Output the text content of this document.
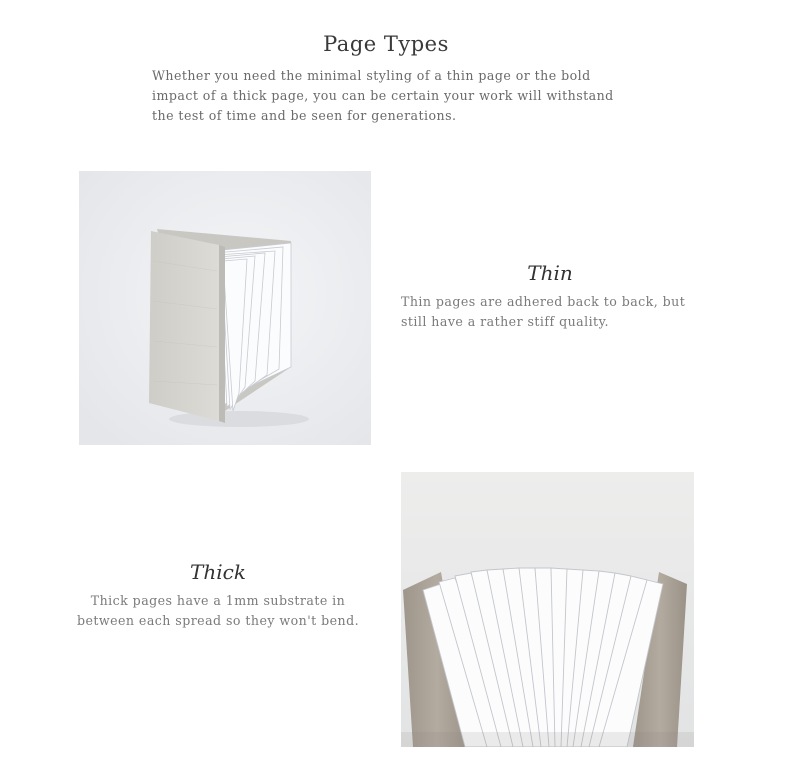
Page Types

Whether you need the minimal styling of a thin page or the bold impact of a thick page, you can be certain your work will withstand the test of time and be seen for generations.

Thin

Thin pages are adhered back to back, but still have a rather stiff quality.

Thick

Thick pages have a 1mm substrate in between each spread so they won't bend.
